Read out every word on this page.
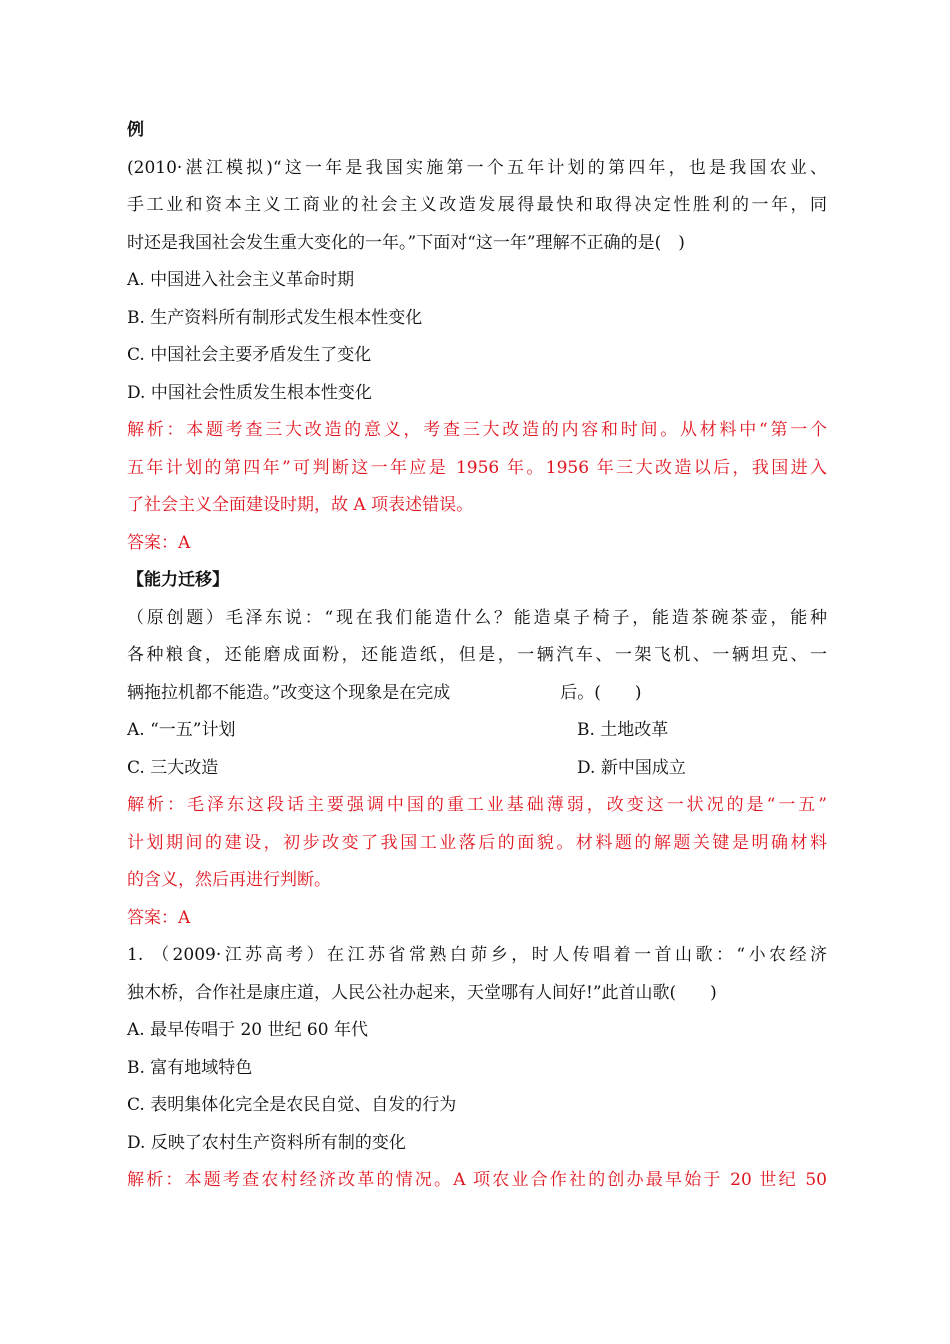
例
(2010·湛江模拟)“这一年是我国实施第一个五年计划的第四年，也是我国农业、
手工业和资本主义工商业的社会主义改造发展得最快和取得决定性胜利的一年，同
时还是我国社会发生重大变化的一年。”下面对“这一年”理解不正确的是(　)
A. 中国进入社会主义革命时期
B. 生产资料所有制形式发生根本性变化
C. 中国社会主要矛盾发生了变化
D. 中国社会性质发生根本性变化
解析：本题考查三大改造的意义，考查三大改造的内容和时间。从材料中“第一个
五年计划的第四年”可判断这一年应是 1956 年。1956 年三大改造以后，我国进入
了社会主义全面建设时期，故 A 项表述错误。
答案：A
【能力迁移】
（原创题）毛泽东说：“现在我们能造什么？能造桌子椅子，能造茶碗茶壶，能种
各种粮食，还能磨成面粉，还能造纸，但是，一辆汽车、一架飞机、一辆坦克、一
辆拖拉机都不能造。”改变这个现象是在完成	后。(　　)
A. “一五”计划	B. 土地改革
C. 三大改造	D. 新中国成立
解析：毛泽东这段话主要强调中国的重工业基础薄弱，改变这一状况的是“一五”
计划期间的建设，初步改变了我国工业落后的面貌。材料题的解题关键是明确材料
的含义，然后再进行判断。
答案：A
1. （2009·江苏高考）在江苏省常熟白茆乡，时人传唱着一首山歌：“小农经济
独木桥，合作社是康庄道，人民公社办起来，天堂哪有人间好!”此首山歌(　　)
A. 最早传唱于 20 世纪 60 年代
B. 富有地域特色
C. 表明集体化完全是农民自觉、自发的行为
D. 反映了农村生产资料所有制的变化
解析：本题考查农村经济改革的情况。A 项农业合作社的创办最早始于 20 世纪 50
